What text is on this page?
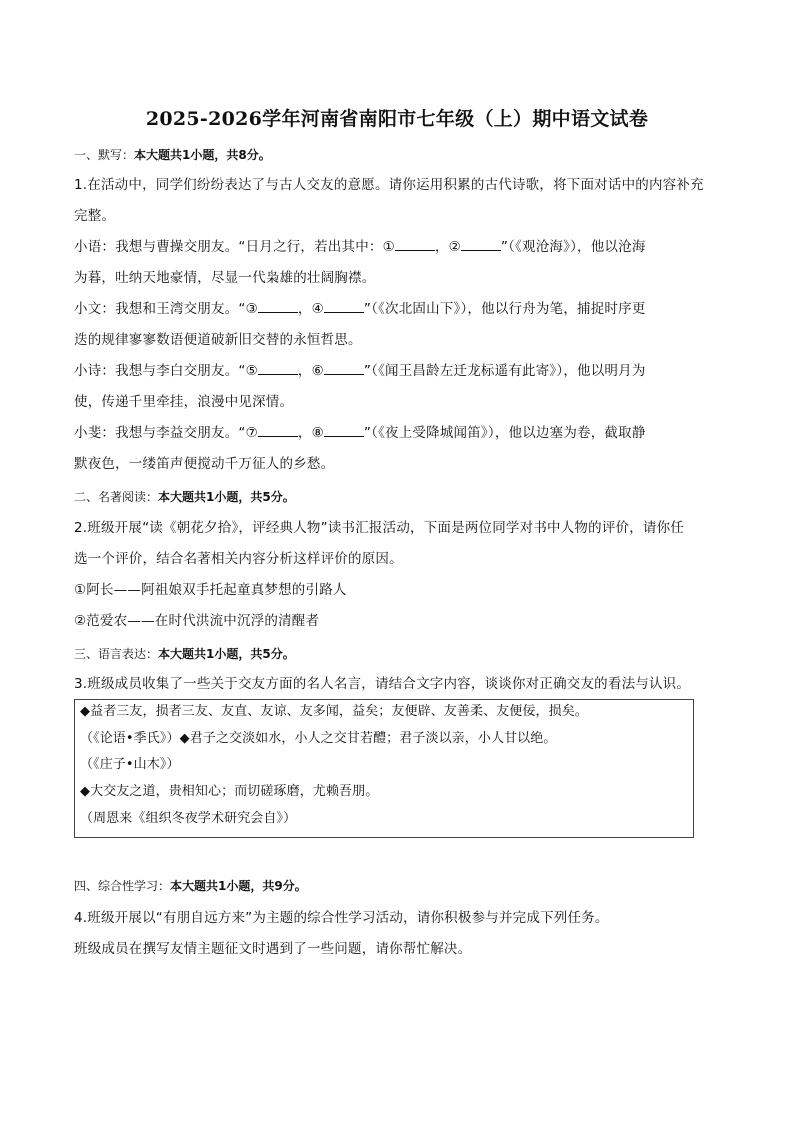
2025-2026学年河南省南阳市七年级（上）期中语文试卷
一、默写：本大题共1小题，共8分。
1.在活动中，同学们纷纷表达了与古人交友的意愿。请你运用积累的古代诗歌，将下面对话中的内容补充
完整。
小语：我想与曹操交朋友。“日月之行，若出其中：①	，②	”（《观沧海》），他以沧海
为暮，吐纳天地豪情，尽显一代枭雄的壮阔胸襟。
小文：我想和王湾交朋友。“③	，④	”（《次北固山下》），他以行舟为笔，捕捉时序更
迭的规律寥寥数语便道破新旧交替的永恒哲思。
小诗：我想与李白交朋友。“⑤	，⑥	”（《闻王昌龄左迁龙标遥有此寄》），他以明月为
使，传递千里牵挂，浪漫中见深情。
小斐：我想与李益交朋友。“⑦	，⑧	”（《夜上受降城闻笛》），他以边塞为卷，截取静
默夜色，一缕笛声便搅动千万征人的乡愁。
二、名著阅读：本大题共1小题，共5分。
2.班级开展“读《朝花夕拾》，评经典人物”读书汇报活动，下面是两位同学对书中人物的评价，请你任
选一个评价，结合名著相关内容分析这样评价的原因。
①阿长——阿祖娘双手托起童真梦想的引路人
②范爱农——在时代洪流中沉浮的清醒者
三、语言表达：本大题共1小题，共5分。
3.班级成员收集了一些关于交友方面的名人名言，请结合文字内容，谈谈你对正确交友的看法与认识。
◆益者三友，损者三友、友直、友谅、友多闻，益矣；友便辟、友善柔、友便佞，损矣。
（《论语•季氏》）◆君子之交淡如水，小人之交甘若醴；君子淡以亲，小人甘以绝。
（《庄子•山木》）
◆大交友之道，贵相知心；而切磋琢磨，尤赖吾朋。
（周恩来《组织冬夜学术研究会自》）
四、综合性学习：本大题共1小题，共9分。
4.班级开展以“有朋自远方来”为主题的综合性学习活动，请你积极参与并完成下列任务。
班级成员在撰写友情主题征文时遇到了一些问题，请你帮忙解决。
